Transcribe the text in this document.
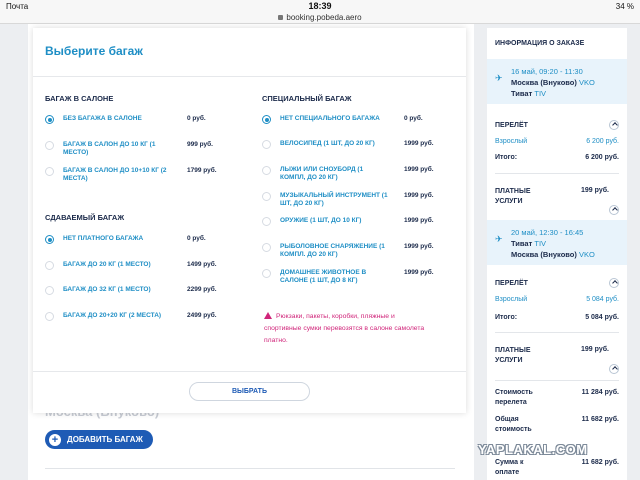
Почта	18:39	34 %
booking.pobeda.aero
+	ДОБАВИТЬ БАГАЖ
Выберите багаж
БАГАЖ В САЛОНЕ
БЕЗ БАГАЖА В САЛОНЕ	0 руб.
БАГАЖ В САЛОН ДО 10 КГ (1 МЕСТО)
999 руб.
БАГАЖ В САЛОН ДО 10+10 КГ (2 МЕСТА)
1799 руб.
СДАВАЕМЫЙ БАГАЖ
НЕТ ПЛАТНОГО БАГАЖА	0 руб.
БАГАЖ ДО 20 КГ (1 МЕСТО)	1499 руб.
БАГАЖ ДО 32 КГ (1 МЕСТО)	2299 руб.
БАГАЖ ДО 20+20 КГ (2 МЕСТА)	2499 руб.
СПЕЦИАЛЬНЫЙ БАГАЖ
НЕТ СПЕЦИАЛЬНОГО БАГАЖА	0 руб.
ВЕЛОСИПЕД (1 ШТ, ДО 20 КГ)	1999 руб.
ЛЫЖИ ИЛИ СНОУБОРД (1 КОМПЛ, ДО 20 КГ)
1999 руб.
МУЗЫКАЛЬНЫЙ ИНСТРУМЕНТ (1 ШТ, ДО 20 КГ)
1999 руб.
ОРУЖИЕ (1 ШТ, ДО 10 КГ)	1999 руб.
РЫБОЛОВНОЕ СНАРЯЖЕНИЕ (1 КОМПЛ. ДО 20 КГ)
1999 руб.
ДОМАШНЕЕ ЖИВОТНОЕ В САЛОНЕ (1 ШТ, ДО 8 КГ)
1999 руб.
Рюкзаки, пакеты, коробки, пляжные и спортивные сумки перевозятся в салоне самолета платно.
ВЫБРАТЬ
ИНФОРМАЦИЯ О ЗАКАЗЕ
✈
16 май, 09:20 - 11:30
Москва (Внуково) VKO
Тиват TIV
ПЕРЕЛЁТ
Взрослый	6 200 руб.
Итого:	6 200 руб.
ПЛАТНЫЕ
УСЛУГИ
199 руб.
✈
20 май, 12:30 - 16:45
Тиват TIV
Москва (Внуково) VKO
ПЕРЕЛЁТ
Взрослый	5 084 руб.
Итого:	5 084 руб.
ПЛАТНЫЕ
УСЛУГИ
199 руб.
Стоимость
перелета
11 284 руб.
Общая
стоимость
11 682 руб.
Сумма к
оплате
11 682 руб.
YAPLAKAL.COM
